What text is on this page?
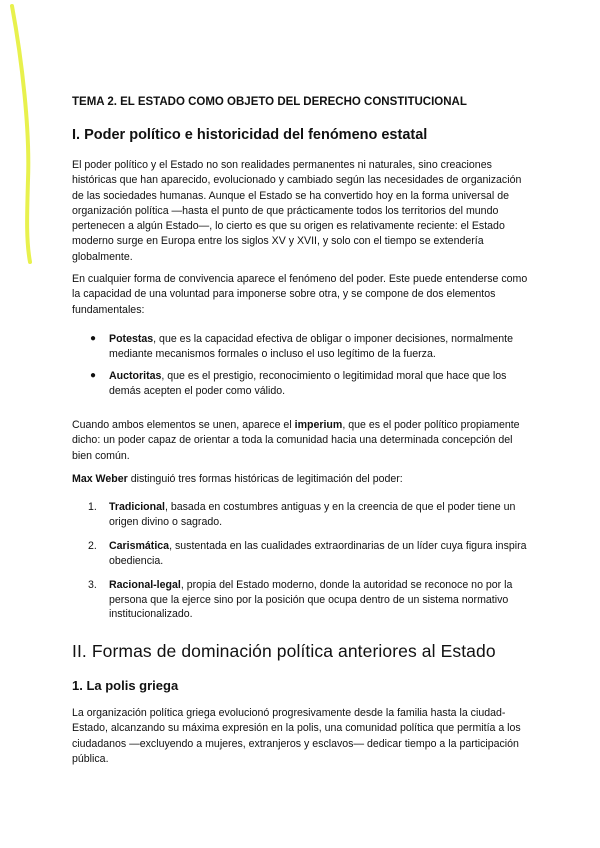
TEMA 2. EL ESTADO COMO OBJETO DEL DERECHO CONSTITUCIONAL
I. Poder político e historicidad del fenómeno estatal

El poder político y el Estado no son realidades permanentes ni naturales, sino creaciones históricas que han aparecido, evolucionado y cambiado según las necesidades de organización de las sociedades humanas. Aunque el Estado se ha convertido hoy en la forma universal de organización política —hasta el punto de que prácticamente todos los territorios del mundo pertenecen a algún Estado—, lo cierto es que su origen es relativamente reciente: el Estado moderno surge en Europa entre los siglos XV y XVII, y solo con el tiempo se extendería globalmente.

En cualquier forma de convivencia aparece el fenómeno del poder. Este puede entenderse como la capacidad de una voluntad para imponerse sobre otra, y se compone de dos elementos fundamentales:

●	Potestas, que es la capacidad efectiva de obligar o imponer decisiones, normalmente mediante mecanismos formales o incluso el uso legítimo de la fuerza.
●	Auctoritas, que es el prestigio, reconocimiento o legitimidad moral que hace que los demás acepten el poder como válido.

Cuando ambos elementos se unen, aparece el imperium, que es el poder político propiamente dicho: un poder capaz de orientar a toda la comunidad hacia una determinada concepción del bien común.

Max Weber distinguió tres formas históricas de legitimación del poder:

1.	Tradicional, basada en costumbres antiguas y en la creencia de que el poder tiene un origen divino o sagrado.
2.	Carismática, sustentada en las cualidades extraordinarias de un líder cuya figura inspira obediencia.
3.	Racional-legal, propia del Estado moderno, donde la autoridad se reconoce no por la persona que la ejerce sino por la posición que ocupa dentro de un sistema normativo institucionalizado.
II. Formas de dominación política anteriores al Estado
1. La polis griega

La organización política griega evolucionó progresivamente desde la familia hasta la ciudad-Estado, alcanzando su máxima expresión en la polis, una comunidad política que permitía a los ciudadanos —excluyendo a mujeres, extranjeros y esclavos— dedicar tiempo a la participación pública.
